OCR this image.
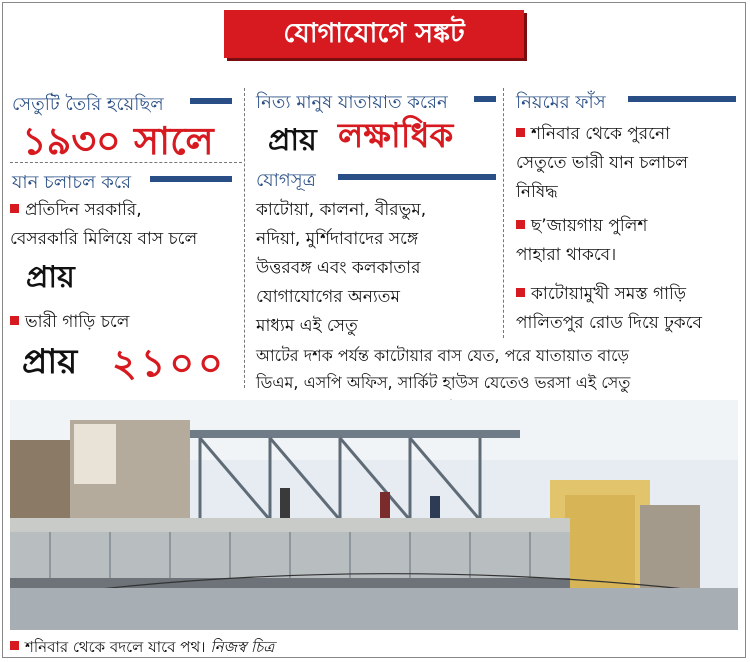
যোগাযোগে সঙ্কট
সেতুটি তৈরি হয়েছিল
১৯৩০ সালে
যান চলাচল করে
প্রতিদিন সরকারি,
বেসরকারি মিলিয়ে বাস চলে
প্রায়
ভারী গাড়ি চলে
প্রায় ২১০০
নিত্য মানুষ যাতায়াত করেন
প্রায় লক্ষাধিক
যোগসূত্র
কাটোয়া, কালনা, বীরভুম,
নদিয়া, মুর্শিদাবাদের সঙ্গে
উত্তরবঙ্গ এবং কলকাতার
যোগাযোগের অন্যতম
মাধ্যম এই সেতু
নিয়মের ফাঁস
শনিবার থেকে পুরনো
সেতুতে ভারী যান চলাচল
নিষিদ্ধ
ছ’জায়গায় পুলিশ
পাহারা থাকবে।
কাটোয়ামুখী সমস্ত গাড়ি
পালিতপুর রোড দিয়ে ঢুকবে
আটের দশক পর্যন্ত কাটোয়ার বাস যেত, পরে যাতায়াত বাড়ে
ডিএম, এসপি অফিস, সার্কিট হাউস যেতেও ভরসা এই সেতু
শনিবার থেকে বদলে যাবে পথ। নিজস্ব চিত্র
